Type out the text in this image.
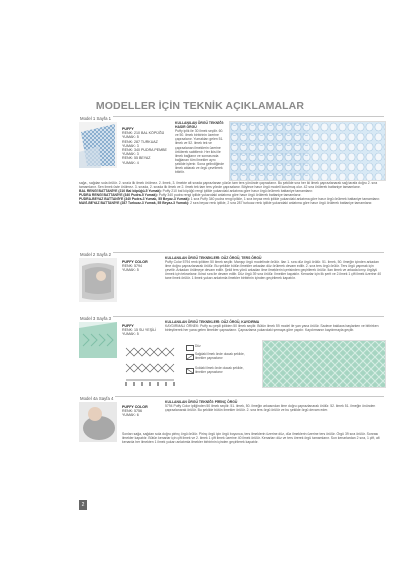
MODELLER İÇİN TEKNİK AÇIKLAMALAR
Model 1 Sayfa 1
PUFFY
RENK: 210 BAL KÖPÜĞÜ
YUMAK: 5
RENK: 287 TURKUAZ
YUMAK: 3
RENK: 340 PUDRA PEMBE
YUMAK: 3
RENK: 55 BEYAZ
YUMAK: 4
KULLANILAN ÖRGÜ TEKNİĞİ: HASIR ÖRGÜ
Puffy iplik ile 30 ilmek seçilir. 60. ve 50. ilmek birbirinin üzerine çaprazlanır. Yumakları gelen 51. ilmek ve 52. ilmek tek ve çaprazlanan ilmeklerin üzerine örtülerek sabitlenir. Her ikisi ile ilmek bağlanır ve sonrasında bağlanan tüm ilmekler aynı şekilde işlenir. Sona gelindiğinde ilmek atılarak ve örgü çevrilerek bitirilir.
sağa , sağdan sola örülür. 2. sıra/a ilk ilmek örülmez. 2. ilmek, 3. ilmekte alt sırada çaprazlanan yüzün tam ters yönünde çaprazlanır. Bu şekilde sıra her iki ilmek çaprazlanarak sağ tarafa doğru 2. sıra tamamlanır. Sen ilmek üste örülmez. 3. sırada, 2. sırada ilk ilmek ve 2. ilmek tek tam ters yönde çaprazlanır. Böylece hasır örgü modeli kurulmuş olur. 42 sıra örülerek battaniye tamamlanır.
BAL RENGİ BATTANİYE (210 Bal köpüğü-5 Yumak): Puffy 210 bal köpüğü rengi iplikle yukarıdaki anlatıma göre hasır örgü örülerek battaniye tamamlanır.
PUDRA RENGİ BATTANİYE (340 Pudra-5 Yumak): Puffy 340 pudra rengi iplikle yukarıdaki anlatıma göre hasır örgü örülerek battaniye tamamlanır.
PUDRA-BEYAZ BATTANİYE (340 Pudra-3 Yumak, 55 Beyaz-3 Yumak): 1 sıra Puffy 340 pudra rengi iplikle, 1 sıra beyaz renk iplikle yukarıdaki anlatıma göre hasır örgü örülerek battaniye tamamlanır.
MAVİ-BEYAZ BATTANİYE (287 Turkuaz-3 Yumak, 55 Beyaz-3 Yumak): 2 sıra beyaz renk iplikle, 2 sıra 287 turkuaz renk iplikle yukarıdaki anlatıma göre hasır örgü örülerek battaniye tamamlanır.
Model 2 Sayfa 2
PUFFY COLOR
RENK: 5794
YUMAK: 5
KULLANILAN ÖRGÜ TEKNİKLERİ: DÜZ ÖRGÜ, TERS ÖRGÜ
Puffy Color 5794 renk iplikten 50 ilmek seçilir. Manşıp örgü modelinde örülür. Ilan 1. sıra düz örgü örülür. 51. ilmek, 50. ilmeğin içinden arkadan ilme doğru çaprazlanarak örülür. Bu şekilde bütün ilmekler arkadan düz örülerek devam edilir. 2. sıra ters örgü örülür. Ters örgü yapmak için çevrilir. Arkadan örülmeye devam edilir. Şekil ters yönü arkadan ilme ilmeklerin içerisinden geçirilerek örülür. Ilan ilmek ve arkada kırışı örgüyü örmek için tekrarlanır. İkinci sıra ile devam edilir. Düz örgü 39 sıra örülür. İlmekler kapatılır. Kenarlar için ilk şerit ve 2.ilmek 1 çift ilmek üzerine 40 tane ilmek örülür. 1 ilmek yukarı anlatımla ilmekler birbirinin içinden geçirilerek kapatılır.
Model 3 Sayfa 3
PUFFY
RENK: 15 SU YEŞİLİ
YUMAK: 5
KULLANILAN ÖRGÜ TEKNİKLERİ: DÜZ ÖRGÜ, KAYDIRMA
KAYDIRMALI ÖRNEK: Puffy su yeşili iplikten 50 ilmek seçilir. Bütün ilmek 5'li model ile yan yana örülür. Sadece baklava başlarken ve bitirirken birleştirerek her yana gelen ilmekler çaprazlanır. Çaprazlama yukarıdaki şemaya göre yapılır. Kaydırmanın kaydırmayla geçilir.
Düz
Sağdaki ilmek önde olacak şekilde, ilmekler çaprazlanır
Soldaki ilmek önde olacak şekilde, ilmekler çaprazlanır
Model 4a Sayfa 4
PUFFY COLOR
RENK: 5756
YUMAK: 6
KULLANILAN ÖRGÜ TEKNİĞİ: PİRİNÇ ÖRGÜ
5794 Puffy Color ipliğinden 50 ilmek seçilir. 51. ilmek, 50. ilmeğin arkasından ilme doğru çaprazlanarak örülür. 52. ilmek 51. ilmeğin önünden çaprazlanarak örülür. Bu şekilde bütün ilmekler örülür. 2. sıra ters örgü örülür ve bu şekilde örgü devam eder.
Sonları sağa, sağdan sola doğru pirinç örgü örülür. Pirinç örgü için örgü boyunca, ters ilmeklerin üzerine düz, düz ilmeklerin üzerine ters örülür. Örgü 39 sıra örülür. Sonrası ilmekler kapatılır. Bütün kenarlar için çift ilmek ve 2. ilmek 1 çift ilmek üzerine 40 ilmek örülür. Kenarları düz ve ters örerek örgü tamamlanır. Son kenarlardan 2 sıra, 1 çift, alt kenarda her ilmekten 1 ilmek yukarı anlatımla ilmekler birbirinin içinden geçirilerek kapatılır.
2
